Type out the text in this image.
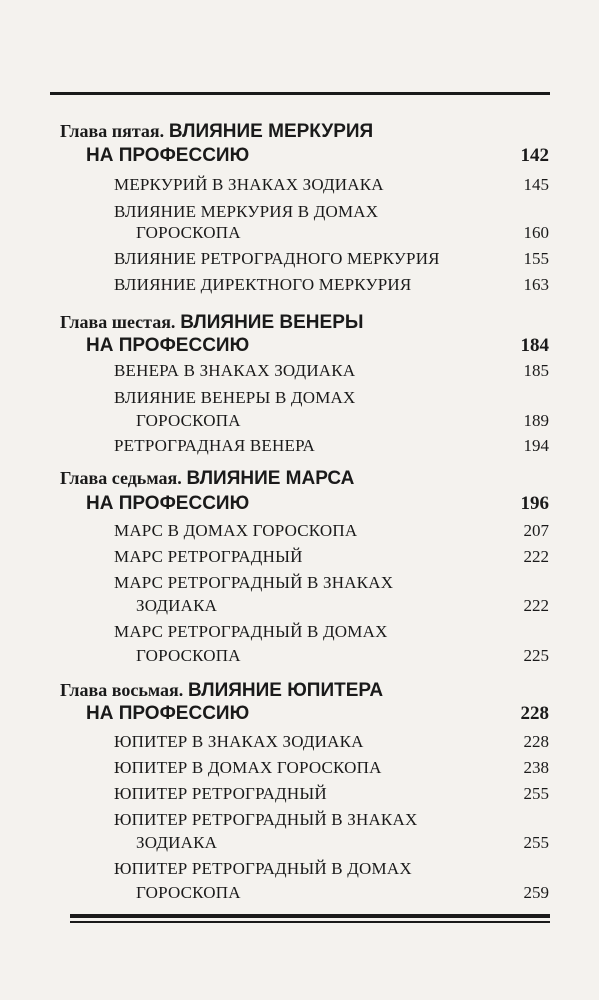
Глава пятая. ВЛИЯНИЕ МЕРКУРИЯ
НА ПРОФЕССИЮ	142
МЕРКУРИЙ В ЗНАКАХ ЗОДИАКА	145
ВЛИЯНИЕ МЕРКУРИЯ В ДОМАХ
ГОРОСКОПА	160
ВЛИЯНИЕ РЕТРОГРАДНОГО МЕРКУРИЯ	155
ВЛИЯНИЕ ДИРЕКТНОГО МЕРКУРИЯ	163
Глава шестая. ВЛИЯНИЕ ВЕНЕРЫ
НА ПРОФЕССИЮ	184
ВЕНЕРА В ЗНАКАХ ЗОДИАКА	185
ВЛИЯНИЕ ВЕНЕРЫ В ДОМАХ
ГОРОСКОПА	189
РЕТРОГРАДНАЯ ВЕНЕРА	194
Глава седьмая. ВЛИЯНИЕ МАРСА
НА ПРОФЕССИЮ	196
МАРС В ДОМАХ ГОРОСКОПА	207
МАРС РЕТРОГРАДНЫЙ	222
МАРС РЕТРОГРАДНЫЙ В ЗНАКАХ
ЗОДИАКА	222
МАРС РЕТРОГРАДНЫЙ В ДОМАХ
ГОРОСКОПА	225
Глава восьмая. ВЛИЯНИЕ ЮПИТЕРА
НА ПРОФЕССИЮ	228
ЮПИТЕР В ЗНАКАХ ЗОДИАКА	228
ЮПИТЕР В ДОМАХ ГОРОСКОПА	238
ЮПИТЕР РЕТРОГРАДНЫЙ	255
ЮПИТЕР РЕТРОГРАДНЫЙ В ЗНАКАХ
ЗОДИАКА	255
ЮПИТЕР РЕТРОГРАДНЫЙ В ДОМАХ
ГОРОСКОПА	259
